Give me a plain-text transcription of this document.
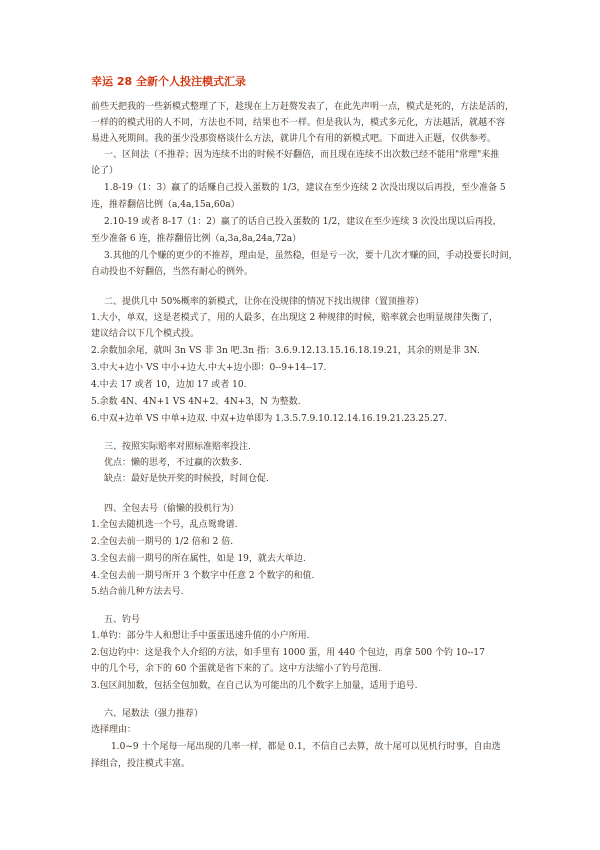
幸运 28 全新个人投注模式汇录
前些天把我的一些新模式整理了下，趁现在上万赶赘发表了，在此先声明一点，模式是死的，方法是活的，
一样的的模式用的人不同，方法也不同，结果也不一样。但是我认为，模式多元化，方法越活，就越不容
易进入死期间。我的蛋少没那资格谈什么方法，就讲几个有用的新模式吧。下面进入正题，仅供参考。
一、区间法（不推荐；因为连续不出的时候不好翻倍，而且现在连续不出次数已经不能用"常理"来推
论了）
1.8-19（1：3）赢了的话赚自己投入蛋数的 1/3，建议在至少连续 2 次没出现以后再投，至少准备 5
连，推荐翻倍比例（a,4a,15a,60a）
2.10-19 或者 8-17（1：2）赢了的话自己投入蛋数的 1/2，建议在至少连续 3 次没出现以后再投，
至少准备 6 连，推荐翻倍比例（a,3a,8a,24a,72a）
3.其他的几个赚的更少的不推荐，理由是，虽然稳，但是亏一次，要十几次才赚的回，手动投要长时间，
自动投也不好翻倍，当然有耐心的例外。
二、提供几中 50%概率的新模式，让你在没规律的情况下找出规律（置顶推荐）
1.大小，单双，这是老模式了，用的人最多，在出现这 2 种规律的时候，赔率就会也明显规律失衡了，
建议结合以下几个模式投。
2.余数加余尾，就叫 3n VS 非 3n 吧.3n 指：3.6.9.12.13.15.16.18.19.21，其余的则是非 3N.
3.中大+边小 VS 中小+边大.中大+边小即：0--9+14--17.
4.中去 17 或者 10，边加 17 或者 10.
5.余数 4N、4N+1 VS 4N+2、4N+3，N 为整数.
6.中双+边单 VS 中单+边双. 中双+边单即为 1.3.5.7.9.10.12.14.16.19.21.23.25.27.
三、按照实际赔率对照标准赔率投注.
优点：懒的思考，不过赢的次数多.
缺点：最好是快开奖的时候投，时间仓促.
四、全包去号（偷懒的投机行为）
1.全包去随机选一个号，乱点鸳鸯谱.
2.全包去前一期号的 1/2 倍和 2 倍.
3.全包去前一期号的所在属性，如是 19，就去大单边.
4.全包去前一期号所开 3 个数字中任意 2 个数字的和值.
5.结合前几种方法去号.
五、钓号
1.单钓：部分牛人和想让手中蛋蛋迅速升值的小户所用.
2.包边钓中：这是我个人介绍的方法，如手里有 1000 蛋，用 440 个包边，再拿 500 个钓 10--17
中的几个号，余下的 60 个蛋就是省下来的了。这中方法缩小了钓号范围.
3.包区间加数，包括全包加数，在自己认为可能出的几个数字上加量，适用于追号.
六、尾数法（强力推荐）
选择理由：
1.0~9 十个尾每一尾出现的几率一样，都是 0.1，不信自己去算，故十尾可以见机行时事，自由选
择组合，投注模式丰富。
